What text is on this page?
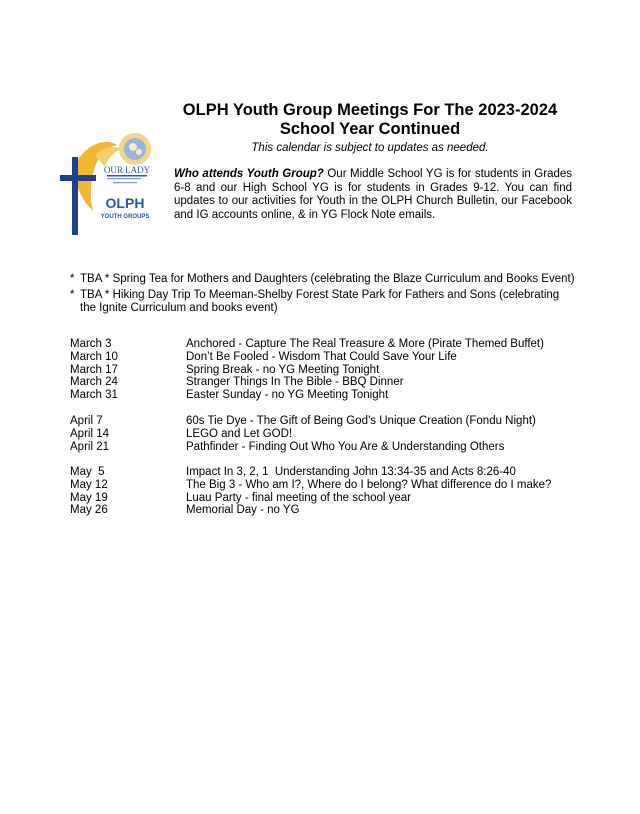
OUR LADY
OLPH
YOUTH GROUPS
OLPH Youth Group Meetings For The 2023-2024
School Year Continued
This calendar is subject to updates as needed.
Who attends Youth Group? Our Middle School YG is for students in Grades 6-8 and our High School YG is for students in Grades 9-12. You can find updates to our activities for Youth in the OLPH Church Bulletin, our Facebook and IG accounts online, & in YG Flock Note emails.
* TBA * Spring Tea for Mothers and Daughters (celebrating the Blaze Curriculum and Books Event)
* TBA * Hiking Day Trip To Meeman-Shelby Forest State Park for Fathers and Sons (celebrating the Ignite Curriculum and books event)
March 3	Anchored - Capture The Real Treasure & More (Pirate Themed Buffet)
March 10	Don’t Be Fooled - Wisdom That Could Save Your Life
March 17	Spring Break - no YG Meeting Tonight
March 24	Stranger Things In The Bible - BBQ Dinner
March 31	Easter Sunday - no YG Meeting Tonight
April 7	60s Tie Dye - The Gift of Being God’s Unique Creation (Fondu Night)
April 14	LEGO and Let GOD!
April 21	Pathfinder - Finding Out Who You Are & Understanding Others
May  5	Impact In 3, 2, 1  Understanding John 13:34-35 and Acts 8:26-40
May 12	The Big 3 - Who am I?, Where do I belong? What difference do I make?
May 19	Luau Party - final meeting of the school year
May 26	Memorial Day - no YG
